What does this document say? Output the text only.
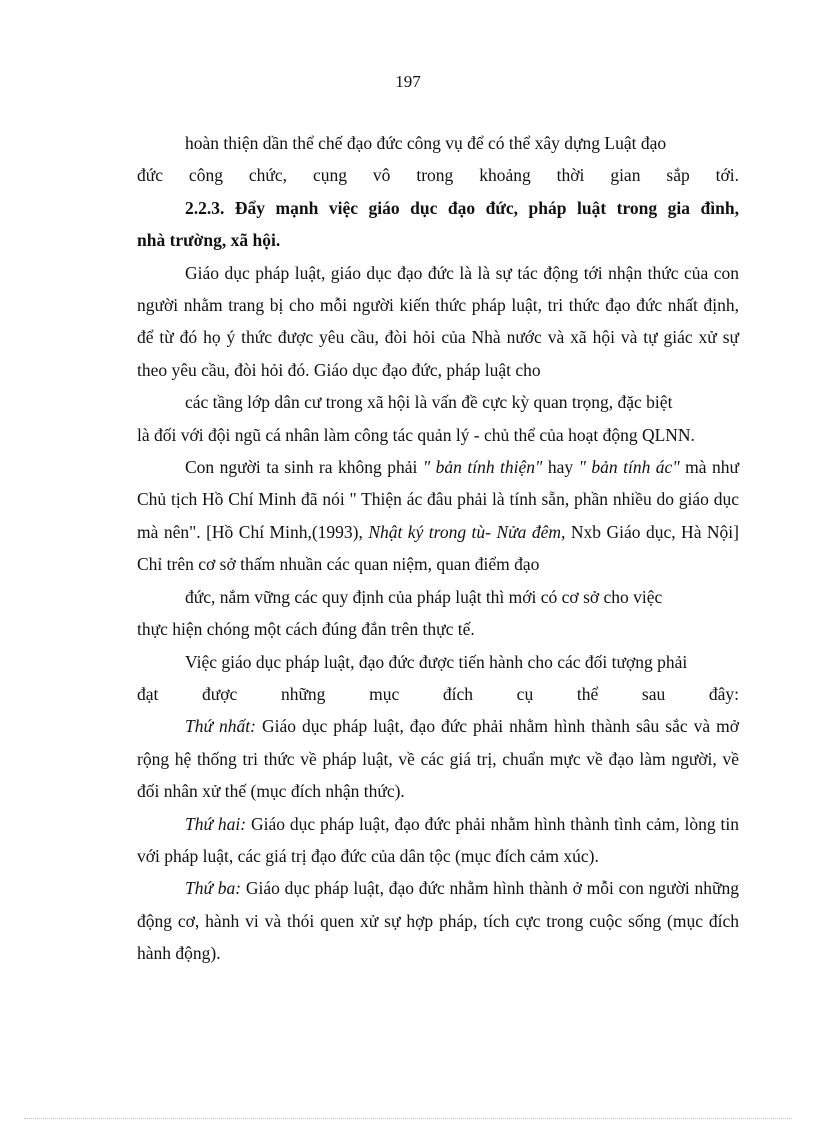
197

hoàn thiện dần thể chế đạo đức công vụ để có thể xây dựng Luật đạo

đức công chức, cụng vô trong khoảng thời gian sắp tới.

2.2.3. Đẩy mạnh việc giáo dục đạo đức, pháp luật trong gia đình,

nhà trường, xã hội.

Giáo dục pháp luật, giáo dục đạo đức là là sự tác động tới nhận thức của con người nhằm trang bị cho mỗi người kiến thức pháp luật, tri thức đạo đức nhất định, để từ đó họ ý thức được yêu cầu, đòi hỏi của Nhà nước và xã hội và tự giác xử sự theo yêu cầu, đòi hỏi đó. Giáo dục đạo đức, pháp luật cho

các tầng lớp dân cư trong xã hội là vấn đề cực kỳ quan trọng, đặc biệt

là đối với đội ngũ cá nhân làm công tác quản lý - chủ thể của hoạt động QLNN.

Con người ta sinh ra không phải " bản tính thiện" hay " bản tính ác" mà như Chủ tịch Hồ Chí Minh đã nói " Thiện ác đâu phải là tính sẵn, phần nhiều do giáo dục mà nên". [Hồ Chí Minh,(1993), Nhật ký trong tù- Nửa đêm, Nxb Giáo dục, Hà Nội] Chỉ trên cơ sở thấm nhuần các quan niệm, quan điểm đạo

đức, nắm vững các quy định của pháp luật thì mới có cơ sở cho việc

thực hiện chóng một cách đúng đắn trên thực tế.

Việc giáo dục pháp luật, đạo đức được tiến hành cho các đối tượng phải

đạt được những mục đích cụ thể sau đây:

Thứ nhất: Giáo dục pháp luật, đạo đức phải nhằm hình thành sâu sắc và mở rộng hệ thống tri thức về pháp luật, về các giá trị, chuẩn mực về đạo làm người, về đối nhân xử thế (mục đích nhận thức).

Thứ hai: Giáo dục pháp luật, đạo đức phải nhằm hình thành tình cảm, lòng tin với pháp luật, các giá trị đạo đức của dân tộc (mục đích cảm xúc).

Thứ ba: Giáo dục pháp luật, đạo đức nhằm hình thành ở mỗi con người những động cơ, hành vi và thói quen xử sự hợp pháp, tích cực trong cuộc sống (mục đích hành động).
